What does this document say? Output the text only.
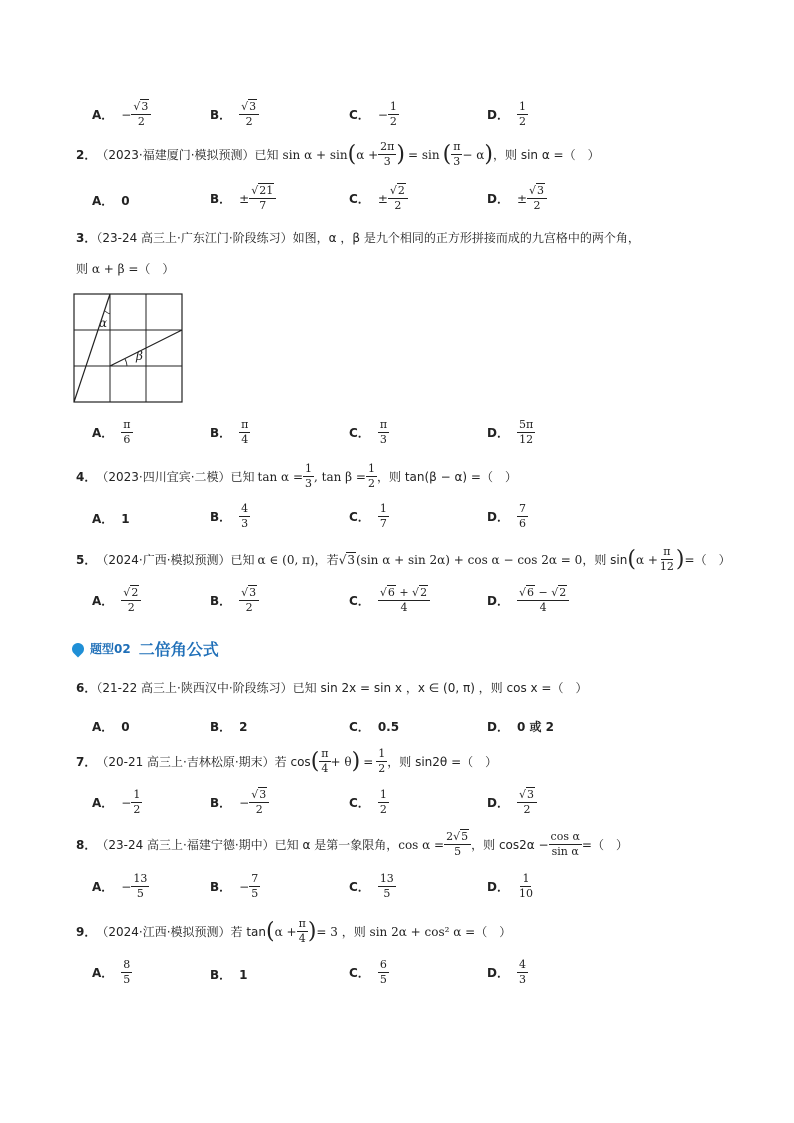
A． − $\frac{√3}{2}$	B． $\frac{√3}{2}$	C． − $\frac{1}{2}$	D． $\frac{1}{2}$
2． （2023·福建厦门·模拟预测）已知 sin α + sin ( $\alpha + \frac{2\pi}{3}$ ) = sin ( $\frac{\pi}{3} - \alpha$ ) ，则 sin α =（　）
A． 0	B． ± $\frac{√21}{7}$	C． ± $\frac{√2}{2}$	D． ± $\frac{√3}{2}$
3．（23-24 高三上·广东江门·阶段练习）如图，α ，β 是九个相同的正方形拼接而成的九宫格中的两个角，
则 α + β =（　）
α
β
A． $\frac{\pi}{6}$	B． $\frac{\pi}{4}$	C． $\frac{\pi}{3}$	D． $\frac{5\pi}{12}$
4． （2023·四川宜宾·二模）已知 $\tan \alpha = \frac{1}{3}$ , $\tan \beta = \frac{1}{2}$ ，则 tan(β − α) =（　）
A． 1	B． $\frac{4}{3}$	C． $\frac{1}{7}$	D． $\frac{7}{6}$
5． （2024·广西·模拟预测）已知 α ∈ (0, π) ，若 √3 (sin α + sin 2α) + cos α − cos 2α = 0 ，则 sin ( $\alpha + \frac{\pi}{12}$ ) =（　）
A． $\frac{√2}{2}$	B． $\frac{√3}{2}$	C． $\frac{√6 + √2}{4}$	D． $\frac{√6 - √2}{4}$
题型02 二倍角公式
6．（21-22 高三上·陕西汉中·阶段练习）已知 sin 2x = sin x ，x ∈ (0, π) ，则 cos x =（　）
A． 0	B． 2	C． 0.5	D． 0 或 2
7． （20-21 高三上·吉林松原·期末）若 cos ( $\frac{\pi}{4} + \theta$ ) = $\frac{1}{2}$ ，则 sin2θ =（　）
A． − $\frac{1}{2}$	B． − $\frac{√3}{2}$	C． $\frac{1}{2}$	D． $\frac{√3}{2}$
8． （23-24 高三上·福建宁德·期中）已知 α 是第一象限角， $\cos \alpha = \frac{2√5}{5}$ ，则 $\cos 2\alpha - \frac{\text{cos α}}{\text{sin α}}$ =（　）
A． − $\frac{13}{5}$	B． − $\frac{7}{5}$	C． $\frac{13}{5}$	D． $\frac{1}{10}$
9． （2024·江西·模拟预测）若 tan ( $\alpha + \frac{\pi}{4}$ ) = 3 ，则 sin 2α + cos² α =（　）
A． $\frac{8}{5}$	B． 1	C． $\frac{6}{5}$	D． $\frac{4}{3}$
